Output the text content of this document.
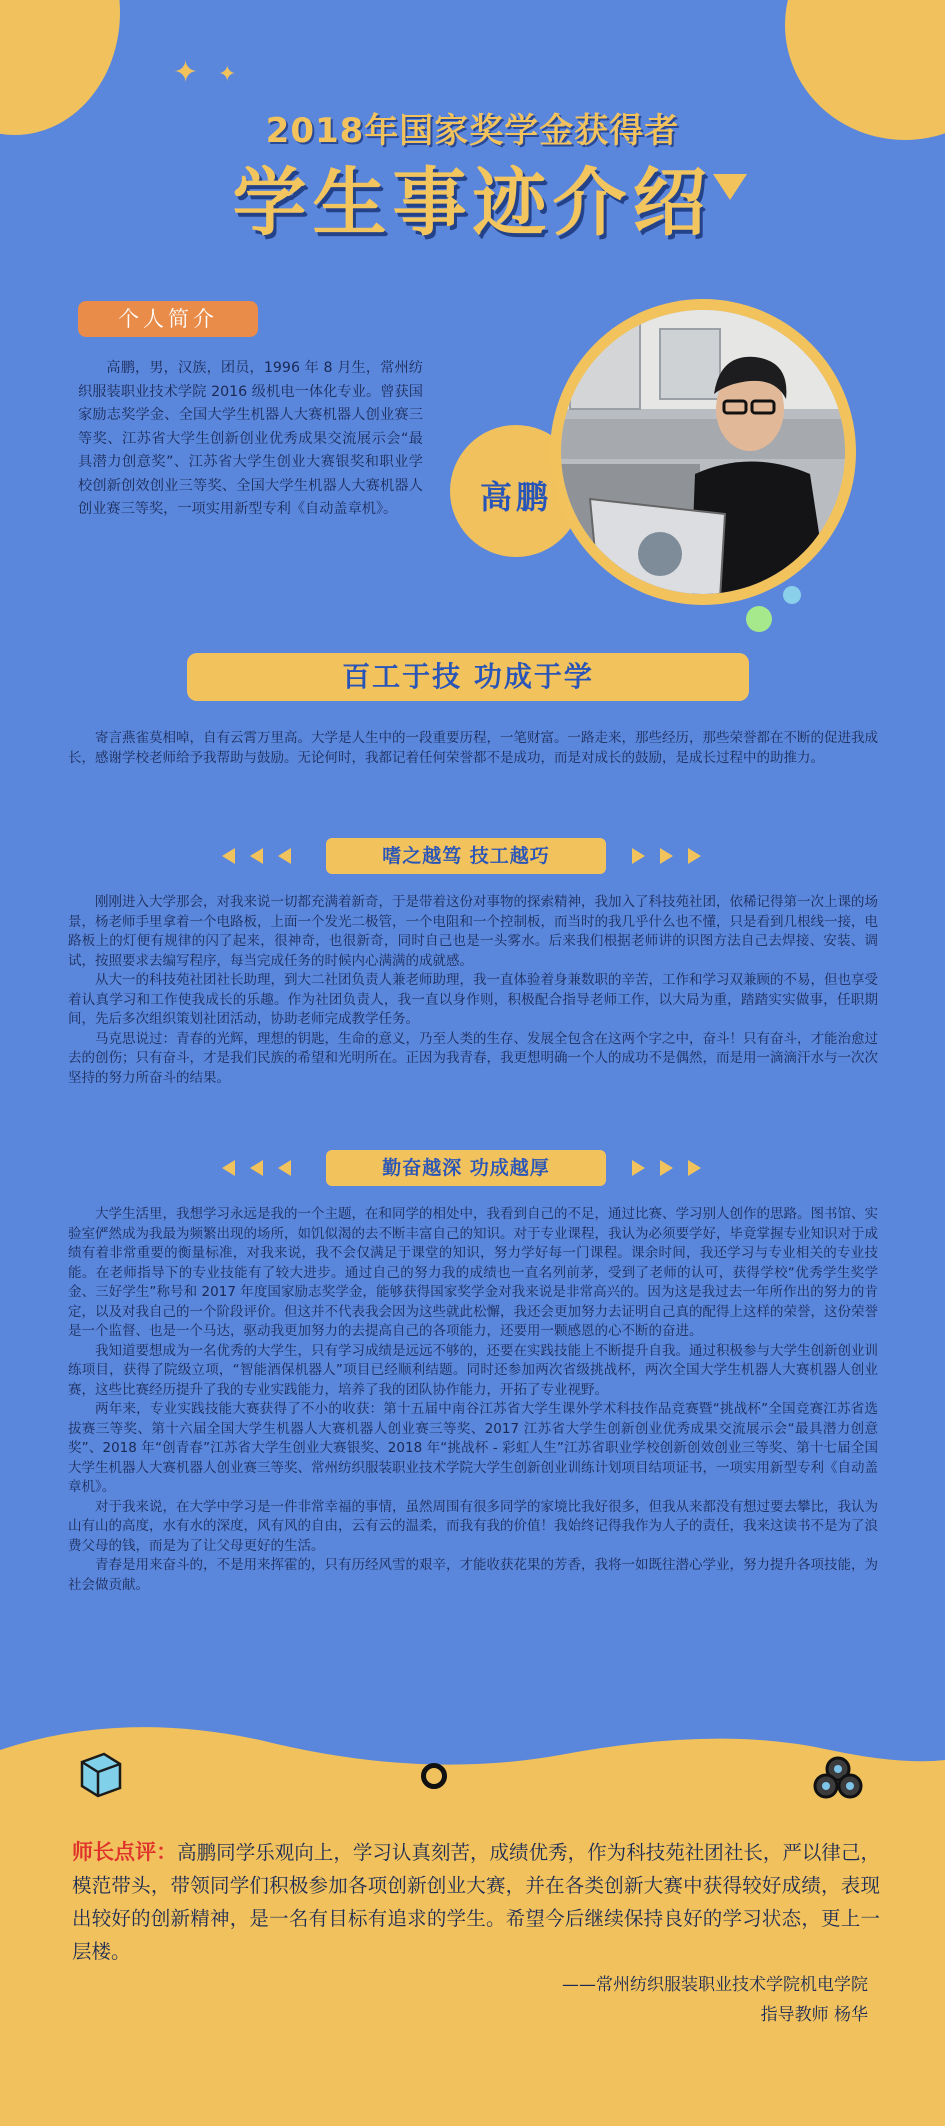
✦ ✦
2018年国家奖学金获得者
学生事迹介绍
个人简介

高鹏，男，汉族，团员，1996 年 8 月生，常州纺织服装职业技术学院 2016 级机电一体化专业。曾获国家励志奖学金、全国大学生机器人大赛机器人创业赛三等奖、江苏省大学生创新创业优秀成果交流展示会“最具潜力创意奖”、江苏省大学生创业大赛银奖和职业学校创新创效创业三等奖、全国大学生机器人大赛机器人创业赛三等奖，一项实用新型专利《自动盖章机》。	高鹏
百工于技 功成于学

寄言燕雀莫相啅，自有云霄万里高。大学是人生中的一段重要历程，一笔财富。一路走来，那些经历，那些荣誉都在不断的促进我成长，感谢学校老师给予我帮助与鼓励。无论何时，我都记着任何荣誉都不是成功，而是对成长的鼓励，是成长过程中的助推力。

嗜之越笃 技工越巧

刚刚进入大学那会，对我来说一切都充满着新奇，于是带着这份对事物的探索精神，我加入了科技苑社团，依稀记得第一次上课的场景，杨老师手里拿着一个电路板，上面一个发光二极管，一个电阻和一个控制板，而当时的我几乎什么也不懂，只是看到几根线一接，电路板上的灯便有规律的闪了起来，很神奇，也很新奇，同时自己也是一头雾水。后来我们根据老师讲的识图方法自己去焊接、安装、调试，按照要求去编写程序，每当完成任务的时候内心满满的成就感。

从大一的科技苑社团社长助理，到大二社团负责人兼老师助理，我一直体验着身兼数职的辛苦，工作和学习双兼顾的不易，但也享受着认真学习和工作使我成长的乐趣。作为社团负责人，我一直以身作则，积极配合指导老师工作，以大局为重，踏踏实实做事，任职期间，先后多次组织策划社团活动，协助老师完成教学任务。

马克思说过：青春的光辉，理想的钥匙，生命的意义，乃至人类的生存、发展全包含在这两个字之中，奋斗！只有奋斗，才能治愈过去的创伤；只有奋斗，才是我们民族的希望和光明所在。正因为我青春，我更想明确一个人的成功不是偶然，而是用一滴滴汗水与一次次坚持的努力所奋斗的结果。

勤奋越深 功成越厚

大学生活里，我想学习永远是我的一个主题，在和同学的相处中，我看到自己的不足，通过比赛、学习别人创作的思路。图书馆、实验室俨然成为我最为频繁出现的场所，如饥似渴的去不断丰富自己的知识。对于专业课程，我认为必须要学好，毕竟掌握专业知识对于成绩有着非常重要的衡量标准，对我来说，我不会仅满足于课堂的知识，努力学好每一门课程。课余时间，我还学习与专业相关的专业技能。在老师指导下的专业技能有了较大进步。通过自己的努力我的成绩也一直名列前茅，受到了老师的认可，获得学校“优秀学生奖学金、三好学生”称号和 2017 年度国家励志奖学金，能够获得国家奖学金对我来说是非常高兴的。因为这是我过去一年所作出的努力的肯定，以及对我自己的一个阶段评价。但这并不代表我会因为这些就此松懈，我还会更加努力去证明自己真的配得上这样的荣誉，这份荣誉是一个监督、也是一个马达，驱动我更加努力的去提高自己的各项能力，还要用一颗感恩的心不断的奋进。

我知道要想成为一名优秀的大学生，只有学习成绩是远远不够的，还要在实践技能上不断提升自我。通过积极参与大学生创新创业训练项目，获得了院级立项，“智能酒保机器人”项目已经顺利结题。同时还参加两次省级挑战杯，两次全国大学生机器人大赛机器人创业赛，这些比赛经历提升了我的专业实践能力，培养了我的团队协作能力，开拓了专业视野。

两年来，专业实践技能大赛获得了不小的收获：第十五届中南谷江苏省大学生课外学术科技作品竞赛暨“挑战杯”全国竞赛江苏省选拔赛三等奖、第十六届全国大学生机器人大赛机器人创业赛三等奖、2017 江苏省大学生创新创业优秀成果交流展示会“最具潜力创意奖”、2018 年“创青春”江苏省大学生创业大赛银奖、2018 年“挑战杯 - 彩虹人生”江苏省职业学校创新创效创业三等奖、第十七届全国大学生机器人大赛机器人创业赛三等奖、常州纺织服装职业技术学院大学生创新创业训练计划项目结项证书，一项实用新型专利《自动盖章机》。

对于我来说，在大学中学习是一件非常幸福的事情，虽然周围有很多同学的家境比我好很多，但我从来都没有想过要去攀比，我认为山有山的高度，水有水的深度，风有风的自由，云有云的温柔，而我有我的价值！我始终记得我作为人子的责任，我来这读书不是为了浪费父母的钱，而是为了让父母更好的生活。

青春是用来奋斗的，不是用来挥霍的，只有历经风雪的艰辛，才能收获花果的芳香，我将一如既往潜心学业，努力提升各项技能，为社会做贡献。

师长点评：高鹏同学乐观向上，学习认真刻苦，成绩优秀，作为科技苑社团社长，严以律己，模范带头，带领同学们积极参加各项创新创业大赛，并在各类创新大赛中获得较好成绩，表现出较好的创新精神，是一名有目标有追求的学生。希望今后继续保持良好的学习状态，更上一层楼。
——常州纺织服装职业技术学院机电学院
指导教师 杨华
